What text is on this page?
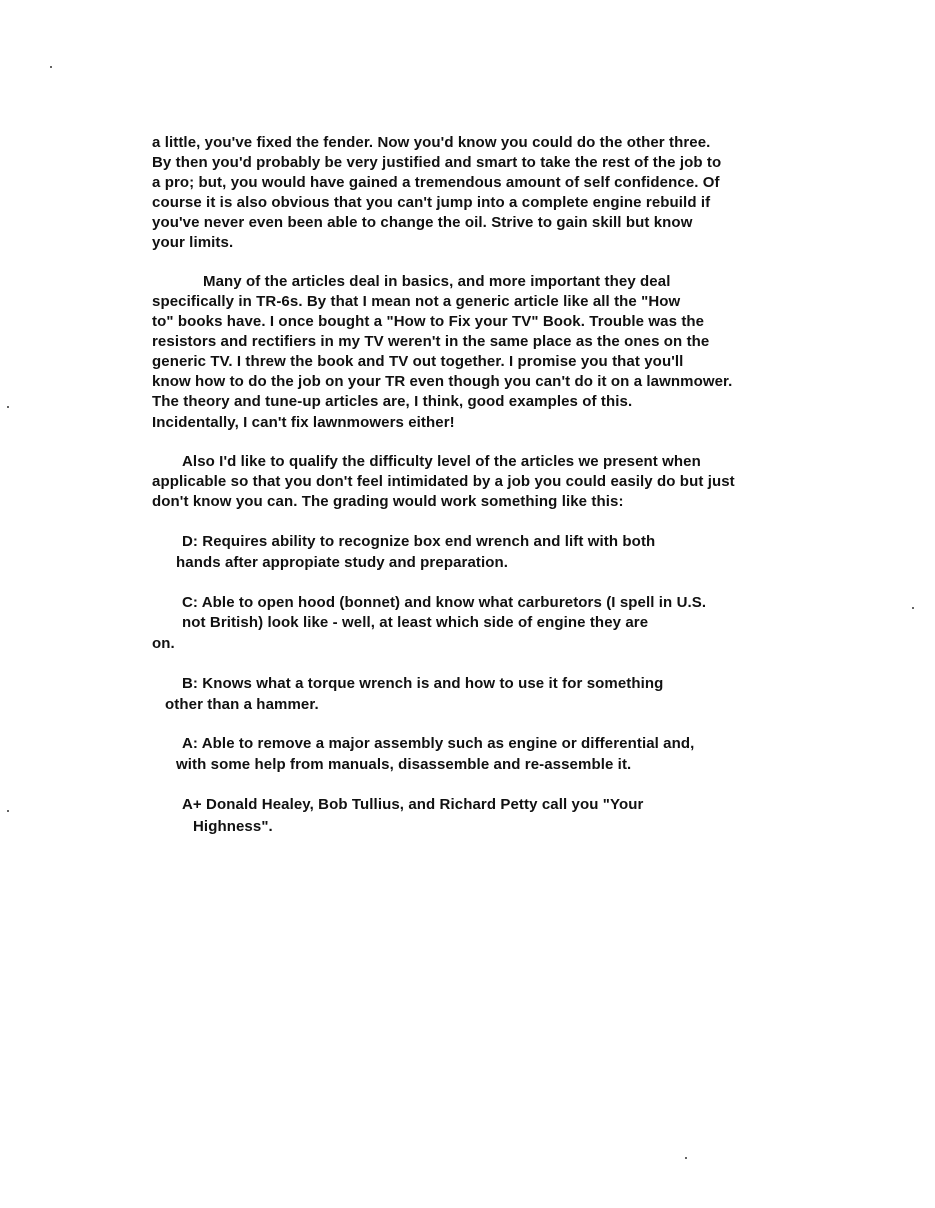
a little, you've fixed the fender. Now you'd know you could do the other three.
By then you'd probably be very justified and smart to take the rest of the job to
a pro; but, you would have gained a tremendous amount of self confidence. Of
course it is also obvious that you can't jump into a complete engine rebuild if
you've never even been able to change the oil. Strive to gain skill but know
your limits.
Many of the articles deal in basics, and more important they deal
specifically in TR-6s. By that I mean not a generic article like all the "How
to" books have. I once bought a "How to Fix your TV" Book. Trouble was the
resistors and rectifiers in my TV weren't in the same place as the ones on the
generic TV. I threw the book and TV out together. I promise you that you'll
know how to do the job on your TR even though you can't do it on a lawnmower.
The theory and tune-up articles are, I think, good examples of this.
Incidentally, I can't fix lawnmowers either!
Also I'd like to qualify the difficulty level of the articles we present when
applicable so that you don't feel intimidated by a job you could easily do but just
don't know you can. The grading would work something like this:
D: Requires ability to recognize box end wrench and lift with both
hands after appropiate study and preparation.
C: Able to open hood (bonnet) and know what carburetors (I spell in U.S.
not British) look like - well, at least which side of engine they are
on.
B: Knows what a torque wrench is and how to use it for something
other than a hammer.
A: Able to remove a major assembly such as engine or differential and,
with some help from manuals, disassemble and re-assemble it.
A+ Donald Healey, Bob Tullius, and Richard Petty call you "Your
Highness".
